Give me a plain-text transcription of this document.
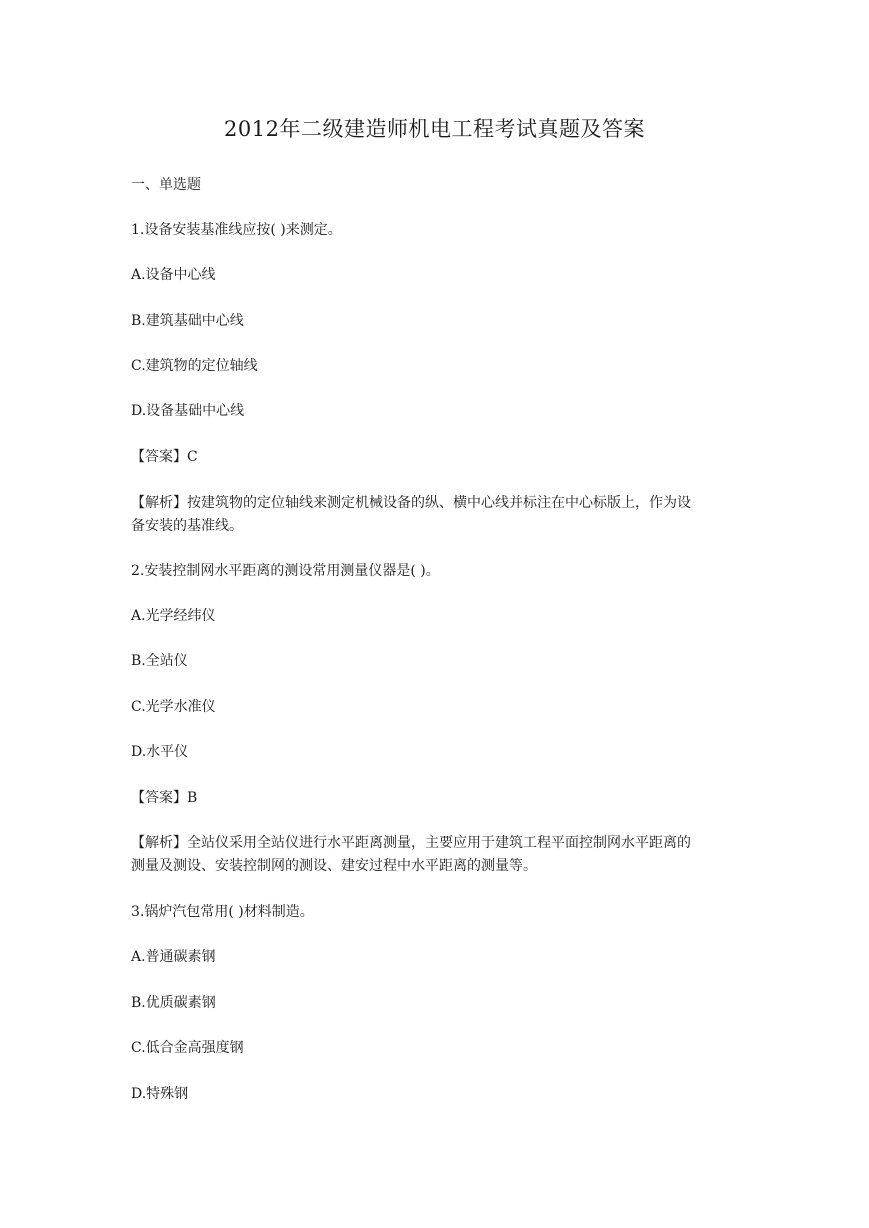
2012年二级建造师机电工程考试真题及答案
一、单选题
1.设备安装基准线应按( )来测定。
A.设备中心线
B.建筑基础中心线
C.建筑物的定位轴线
D.设备基础中心线
【答案】C
【解析】按建筑物的定位轴线来测定机械设备的纵、横中心线并标注在中心标版上，作为设
备安装的基准线。
2.安装控制网水平距离的测设常用测量仪器是( )。
A.光学经纬仪
B.全站仪
C.光学水准仪
D.水平仪
【答案】B
【解析】全站仪采用全站仪进行水平距离测量，主要应用于建筑工程平面控制网水平距离的
测量及测设、安装控制网的测设、建安过程中水平距离的测量等。
3.锅炉汽包常用( )材料制造。
A.普通碳素钢
B.优质碳素钢
C.低合金高强度钢
D.特殊钢
